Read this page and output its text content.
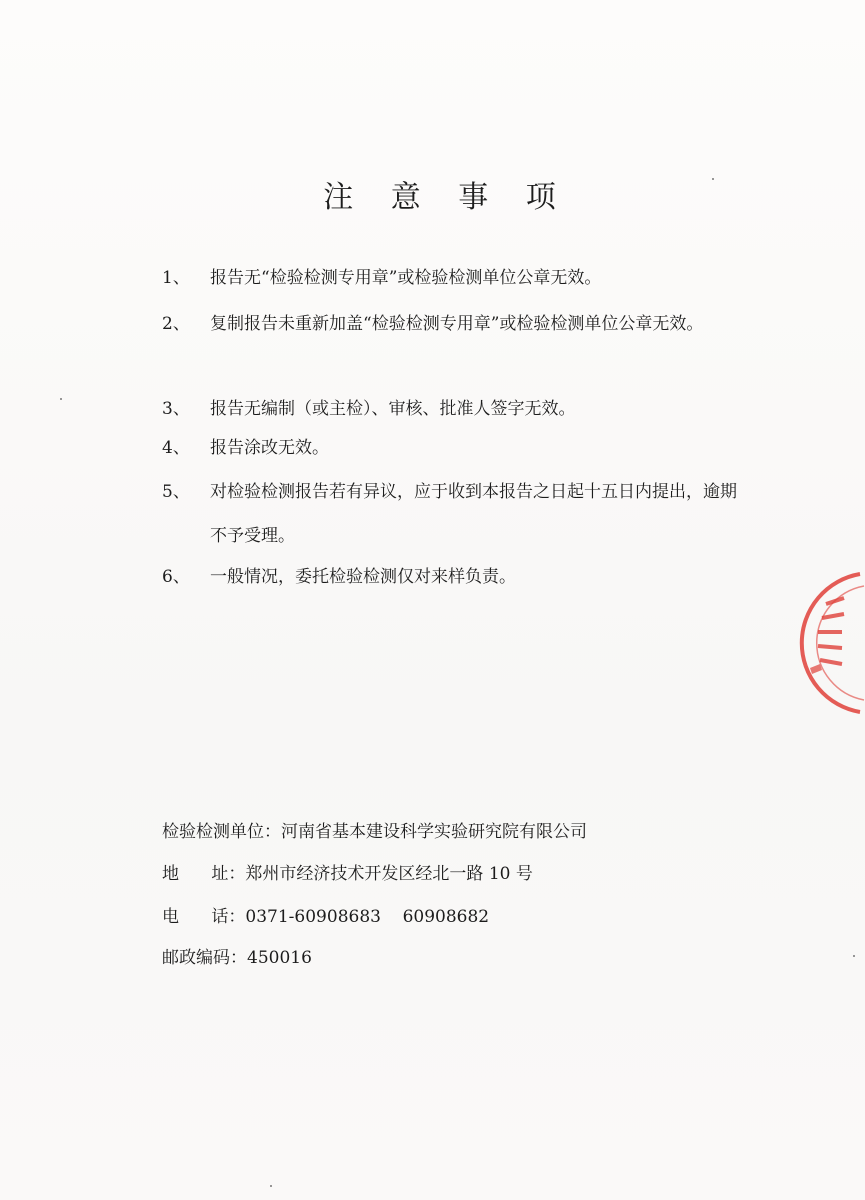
注 意 事 项
1、	报告无“检验检测专用章”或检验检测单位公章无效。
2、	复制报告未重新加盖“检验检测专用章”或检验检测单位公章无效。
3、	报告无编制（或主检）、审核、批准人签字无效。
4、	报告涂改无效。
5、	对检验检测报告若有异议，应于收到本报告之日起十五日内提出，逾期不予受理。
6、	一般情况，委托检验检测仅对来样负责。
检验检测单位：河南省基本建设科学实验研究院有限公司
地      址：郑州市经济技术开发区经北一路 10 号
电      话：0371-60908683    60908682
邮政编码：450016
